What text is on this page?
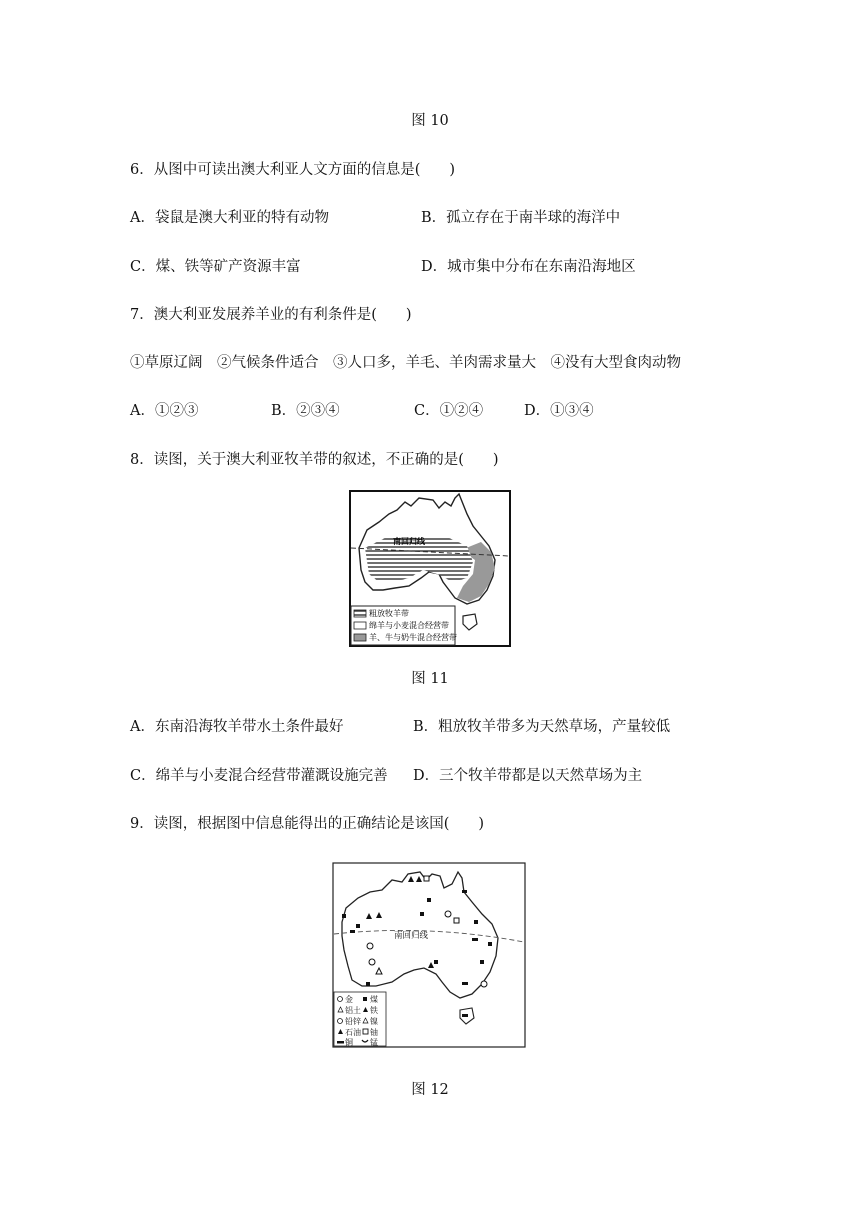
图 10
6．从图中可读出澳大利亚人文方面的信息是(　　)
A．袋鼠是澳大利亚的特有动物	B．孤立存在于南半球的海洋中
C．煤、铁等矿产资源丰富	D．城市集中分布在东南沿海地区
7．澳大利亚发展养羊业的有利条件是(　　)
①草原辽阔　②气候条件适合　③人口多，羊毛、羊肉需求量大　④没有大型食肉动物
A．①②③	B．②③④	C．①②④	D．①③④
8．读图，关于澳大利亚牧羊带的叙述，不正确的是(　　)
南回归线
粗放牧羊带
绵羊与小麦混合经营带
羊、牛与奶牛混合经营带
图 11
A．东南沿海牧羊带水土条件最好	B．粗放牧羊带多为天然草场，产量较低
C．绵羊与小麦混合经营带灌溉设施完善 D．三个牧羊带都是以天然草场为主
9．读图，根据图中信息能得出的正确结论是该国(　　)
南回归线
金 煤
铝土 铁
铅锌 镍
石油 铀
铜 锰
图 12
